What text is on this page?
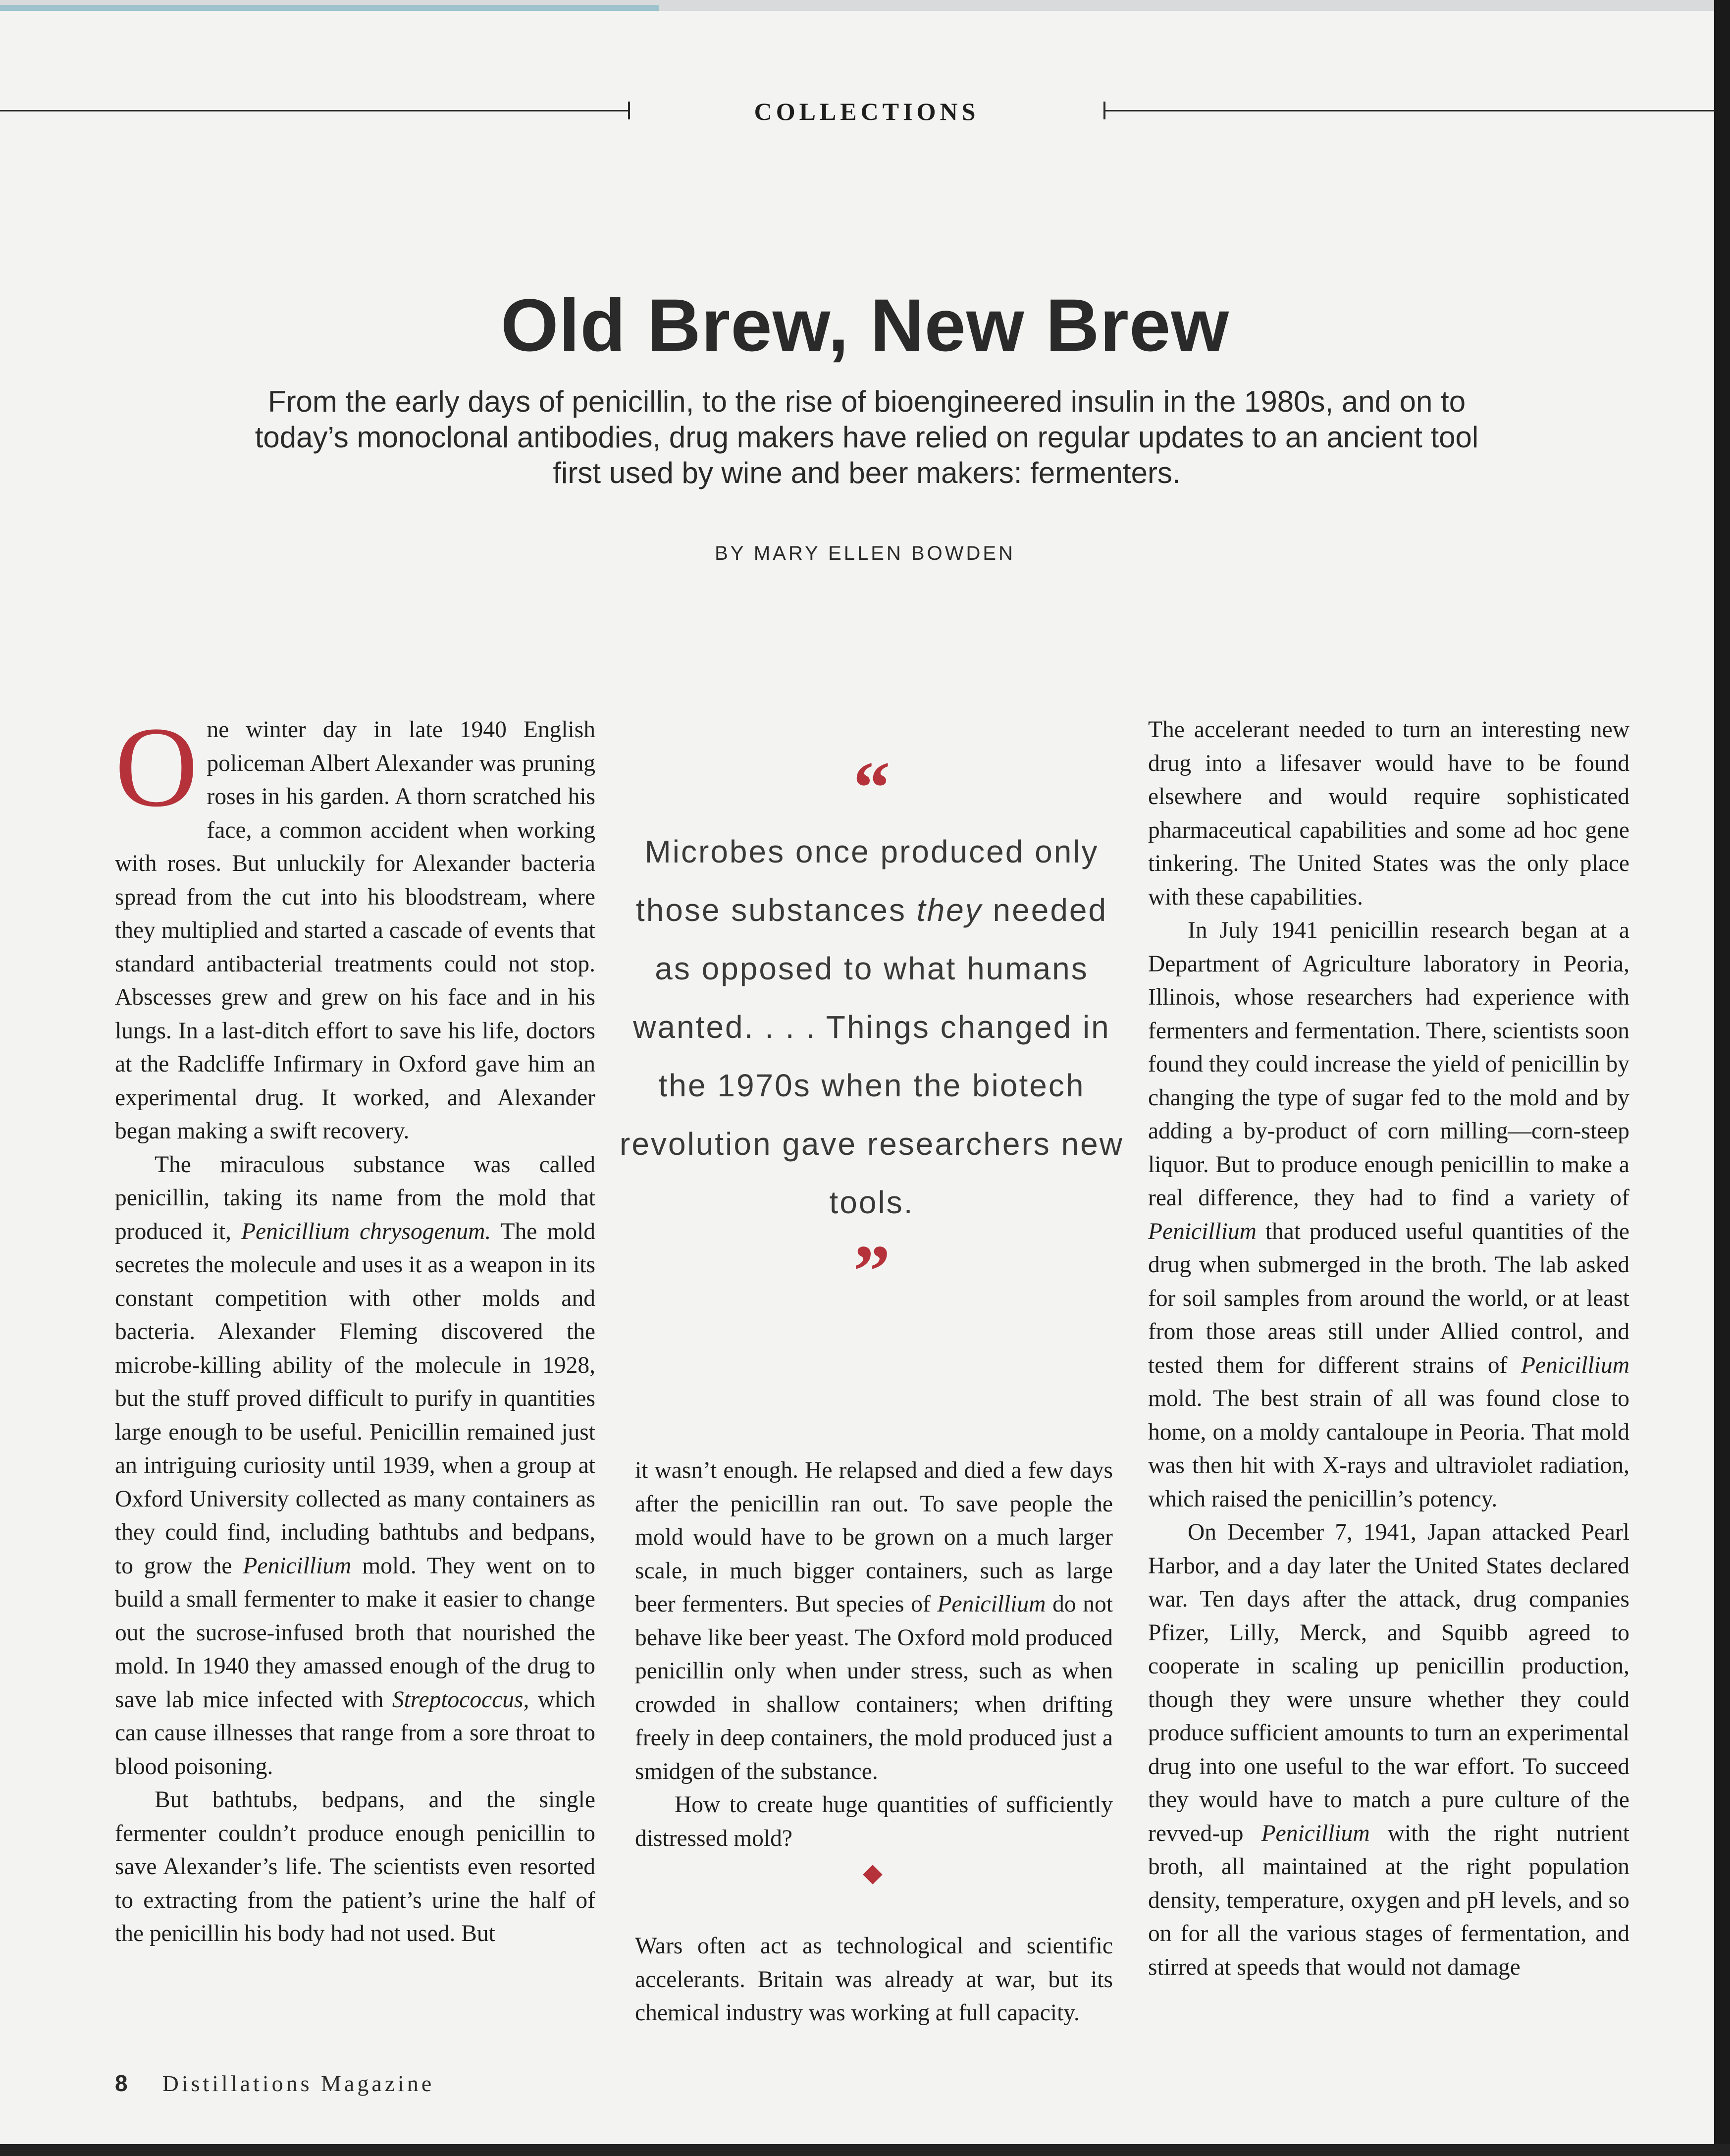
COLLECTIONS
Old Brew, New Brew
From the early days of penicillin, to the rise of bioengineered insulin in the 1980s, and on to today’s monoclonal antibodies, drug makers have relied on regular updates to an ancient tool first used by wine and beer makers: fermenters.
BY MARY ELLEN BOWDEN

One winter day in late 1940 English policeman Albert Alexander was pruning roses in his garden. A thorn scratched his face, a common accident when working with roses. But unluckily for Alexander bacteria spread from the cut into his bloodstream, where they multiplied and started a cascade of events that standard antibacterial treatments could not stop. Abscesses grew and grew on his face and in his lungs. In a last-ditch effort to save his life, doctors at the Radcliffe Infirmary in Oxford gave him an experimental drug. It worked, and Alexander began making a swift recovery.

The miraculous substance was called penicillin, taking its name from the mold that produced it, Penicillium chrysogenum. The mold secretes the molecule and uses it as a weapon in its constant competition with other molds and bacteria. Alexander Fleming discovered the microbe-killing ability of the molecule in 1928, but the stuff proved difficult to purify in quantities large enough to be useful. Penicillin remained just an intriguing curiosity until 1939, when a group at Oxford University collected as many containers as they could find, including bathtubs and bedpans, to grow the Penicillium mold. They went on to build a small fermenter to make it easier to change out the sucrose-infused broth that nourished the mold. In 1940 they amassed enough of the drug to save lab mice infected with Streptococcus, which can cause illnesses that range from a sore throat to blood poisoning.

But bathtubs, bedpans, and the single fermenter couldn’t produce enough penicillin to save Alexander’s life. The scientists even resorted to extracting from the patient’s urine the half of the penicillin his body had not used. But

“
Microbes once produced only those substances they needed as opposed to what humans wanted. . . . Things changed in the 1970s when the biotech revolution gave researchers new tools.
”

it wasn’t enough. He relapsed and died a few days after the penicillin ran out. To save people the mold would have to be grown on a much larger scale, in much bigger containers, such as large beer fermenters. But species of Penicillium do not behave like beer yeast. The Oxford mold produced penicillin only when under stress, such as when crowded in shallow containers; when drifting freely in deep containers, the mold produced just a smidgen of the substance.

How to create huge quantities of sufficiently distressed mold?

Wars often act as technological and scientific accelerants. Britain was already at war, but its chemical industry was working at full capacity.

The accelerant needed to turn an interesting new drug into a lifesaver would have to be found elsewhere and would require sophisticated pharmaceutical capabilities and some ad hoc gene tinkering. The United States was the only place with these capabilities.

In July 1941 penicillin research began at a Department of Agriculture laboratory in Peoria, Illinois, whose researchers had experience with fermenters and fermentation. There, scientists soon found they could increase the yield of penicillin by changing the type of sugar fed to the mold and by adding a by-product of corn milling—corn-steep liquor. But to produce enough penicillin to make a real difference, they had to find a variety of Penicillium that produced useful quantities of the drug when submerged in the broth. The lab asked for soil samples from around the world, or at least from those areas still under Allied control, and tested them for different strains of Penicillium mold. The best strain of all was found close to home, on a moldy cantaloupe in Peoria. That mold was then hit with X-rays and ultraviolet radiation, which raised the penicillin’s potency.

On December 7, 1941, Japan attacked Pearl Harbor, and a day later the United States declared war. Ten days after the attack, drug companies Pfizer, Lilly, Merck, and Squibb agreed to cooperate in scaling up penicillin production, though they were unsure whether they could produce sufficient amounts to turn an experimental drug into one useful to the war effort. To succeed they would have to match a pure culture of the revved-up Penicillium with the right nutrient broth, all maintained at the right population density, temperature, oxygen and pH levels, and so on for all the various stages of fermentation, and stirred at speeds that would not damage

8 Distillations Magazine
